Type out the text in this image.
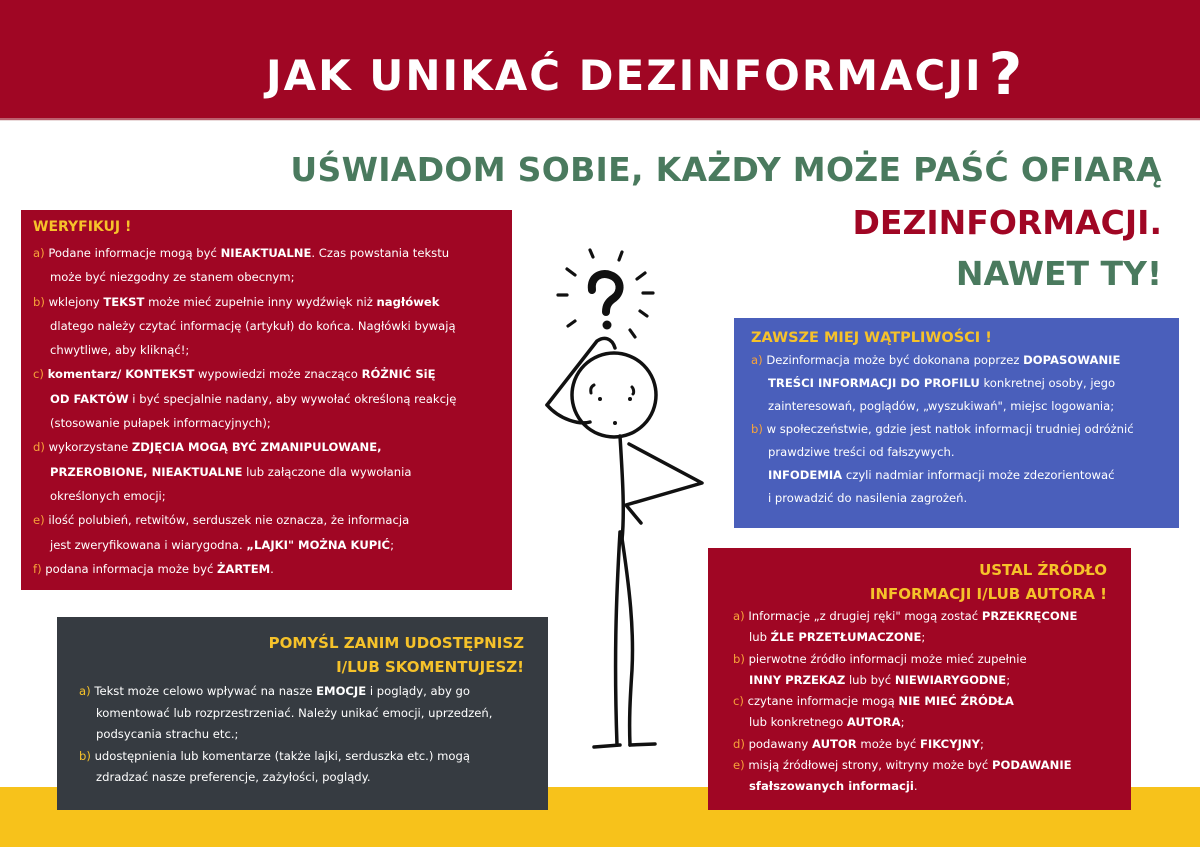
JAK UNIKAĆ DEZINFORMACJI ?
UŚWIADOM SOBIE, KAŻDY MOŻE PAŚĆ OFIARĄ
DEZINFORMACJI.
NAWET TY!
WERYFIKUJ !

a) Podane informacje mogą być NIEAKTUALNE. Czas powstania tekstu

może być niezgodny ze stanem obecnym;

b) wklejony TEKST może mieć zupełnie inny wydźwięk niż nagłówek

dlatego należy czytać informację (artykuł) do końca. Nagłówki bywają

chwytliwe, aby kliknąć!;

c) komentarz/ KONTEKST wypowiedzi może znacząco RÓŻNIĆ SiĘ

OD FAKTÓW i być specjalnie nadany, aby wywołać określoną reakcję

(stosowanie pułapek informacyjnych);

d) wykorzystane ZDJĘCIA MOGĄ BYĆ ZMANIPULOWANE,

PRZEROBIONE, NIEAKTUALNE lub załączone dla wywołania

określonych emocji;

e) ilość polubień, retwitów, serduszek nie oznacza, że informacja

jest zweryfikowana i wiarygodna. „LAJKI" MOŻNA KUPIĆ;

f) podana informacja może być ŻARTEM.

ZAWSZE MIEJ WĄTPLIWOŚCI !

a) Dezinformacja może być dokonana poprzez DOPASOWANIE

TREŚCI INFORMACJI DO PROFILU konkretnej osoby, jego

zainteresowań, poglądów, „wyszukiwań", miejsc logowania;

b) w społeczeństwie, gdzie jest natłok informacji trudniej odróżnić

prawdziwe treści od fałszywych.

INFODEMIA czyli nadmiar informacji może zdezorientować

i prowadzić do nasilenia zagrożeń.

USTAL ŹRÓDŁO
INFORMACJI I/LUB AUTORA !

a) Informacje „z drugiej ręki" mogą zostać PRZEKRĘCONE

lub ŹLE PRZETŁUMACZONE;

b) pierwotne źródło informacji może mieć zupełnie

INNY PRZEKAZ lub być NIEWIARYGODNE;

c) czytane informacje mogą NIE MIEĆ ŹRÓDŁA

lub konkretnego AUTORA;

d) podawany AUTOR może być FIKCYJNY;

e) misją źródłowej strony, witryny może być PODAWANIE

sfałszowanych informacji.

POMYŚL ZANIM UDOSTĘPNISZ
I/LUB SKOMENTUJESZ!

a) Tekst może celowo wpływać na nasze EMOCJE i poglądy, aby go

komentować lub rozprzestrzeniać. Należy unikać emocji, uprzedzeń,

podsycania strachu etc.;

b) udostępnienia lub komentarze (także lajki, serduszka etc.) mogą

zdradzać nasze preferencje, zażyłości, poglądy.
